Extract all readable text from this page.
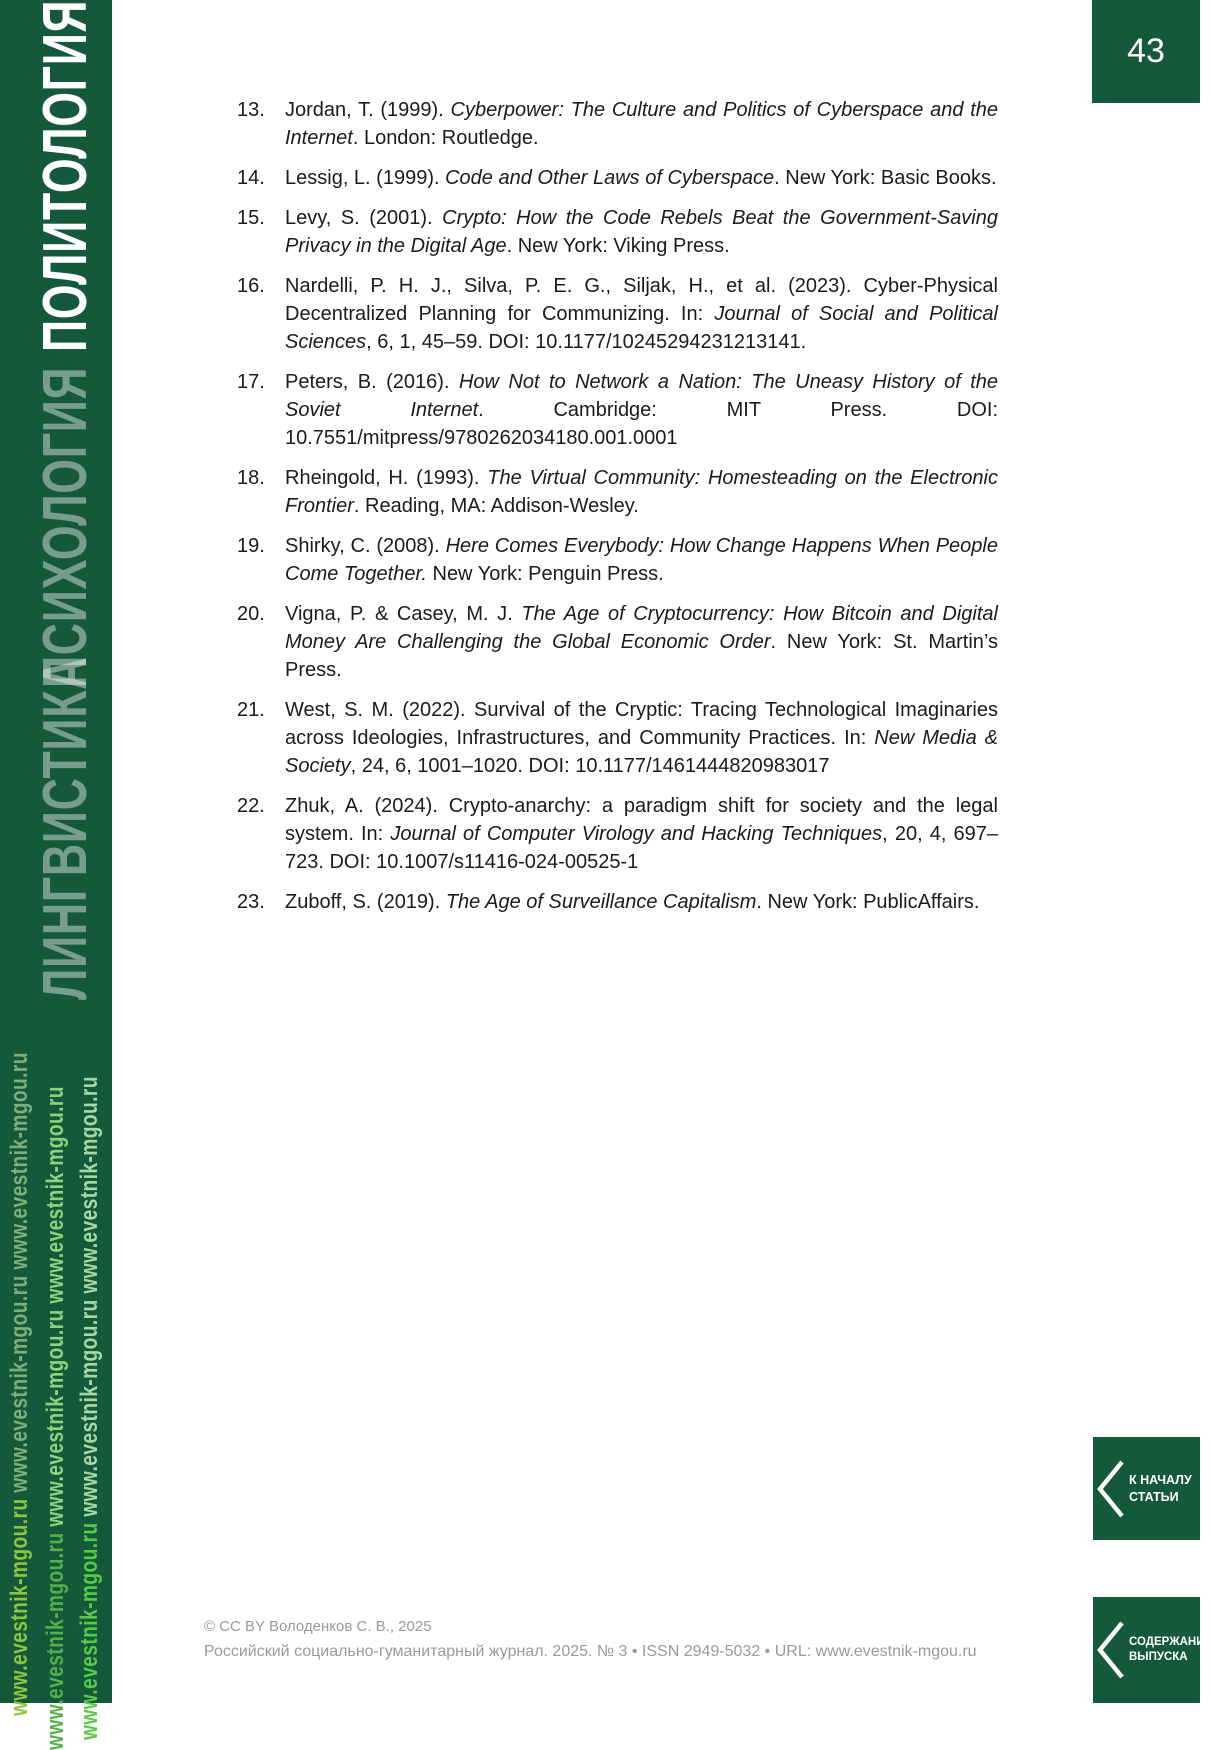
ПОЛИТОЛОГИЯ
ПСИХОЛОГИЯ
ЛИНГВИСТИКА
www.evestnik-mgou.ru www.evestnik-mgou.ru www.evestnik-mgou.ru
www.evestnik-mgou.ru www.evestnik-mgou.ru www.evestnik-mgou.ru
www.evestnik-mgou.ru www.evestnik-mgou.ru www.evestnik-mgou.ru
43
13.	Jordan, T. (1999). Cyberpower: The Culture and Politics of Cyberspace and the Internet. London: Routledge.
14.	Lessig, L. (1999). Code and Other Laws of Cyberspace. New York: Basic Books.
15.	Levy, S. (2001). Crypto: How the Code Rebels Beat the Government-Saving Privacy in the Digital Age. New York: Viking Press.
16.	Nardelli, P. H. J., Silva, P. E. G., Siljak, H., et al. (2023). Cyber-Physical Decentralized Planning for Communizing. In: Journal of Social and Political Sciences, 6, 1, 45–59. DOI: 10.1177/10245294231213141.
17.	Peters, B. (2016). How Not to Network a Nation: The Uneasy History of the Soviet Internet. Cambridge: MIT Press. DOI: 10.7551/mitpress/9780262034180.001.0001
18.	Rheingold, H. (1993). The Virtual Community: Homesteading on the Electronic Frontier. Reading, MA: Addison-Wesley.
19.	Shirky, C. (2008). Here Comes Everybody: How Change Happens When People Come Together. New York: Penguin Press.
20.	Vigna, P. & Casey, M. J. The Age of Cryptocurrency: How Bitcoin and Digital Money Are Challenging the Global Economic Order. New York: St. Martin’s Press.
21.	West, S. M. (2022). Survival of the Cryptic: Tracing Technological Imaginaries across Ideologies, Infrastructures, and Community Practices. In: New Media & Society, 24, 6, 1001–1020. DOI: 10.1177/1461444820983017
22.	Zhuk, A. (2024). Crypto-anarchy: a paradigm shift for society and the legal system. In: Journal of Computer Virology and Hacking Techniques, 20, 4, 697–723. DOI: 10.1007/s11416-024-00525-1
23.	Zuboff, S. (2019). The Age of Surveillance Capitalism. New York: PublicAffairs.
© CC BY Володенков С. В., 2025
Российский социально-гуманитарный журнал. 2025. № 3 • ISSN 2949-5032 • URL: www.evestnik-mgou.ru
К НАЧАЛУ
СТАТЬИ
СОДЕРЖАНИЕ
ВЫПУСКА
